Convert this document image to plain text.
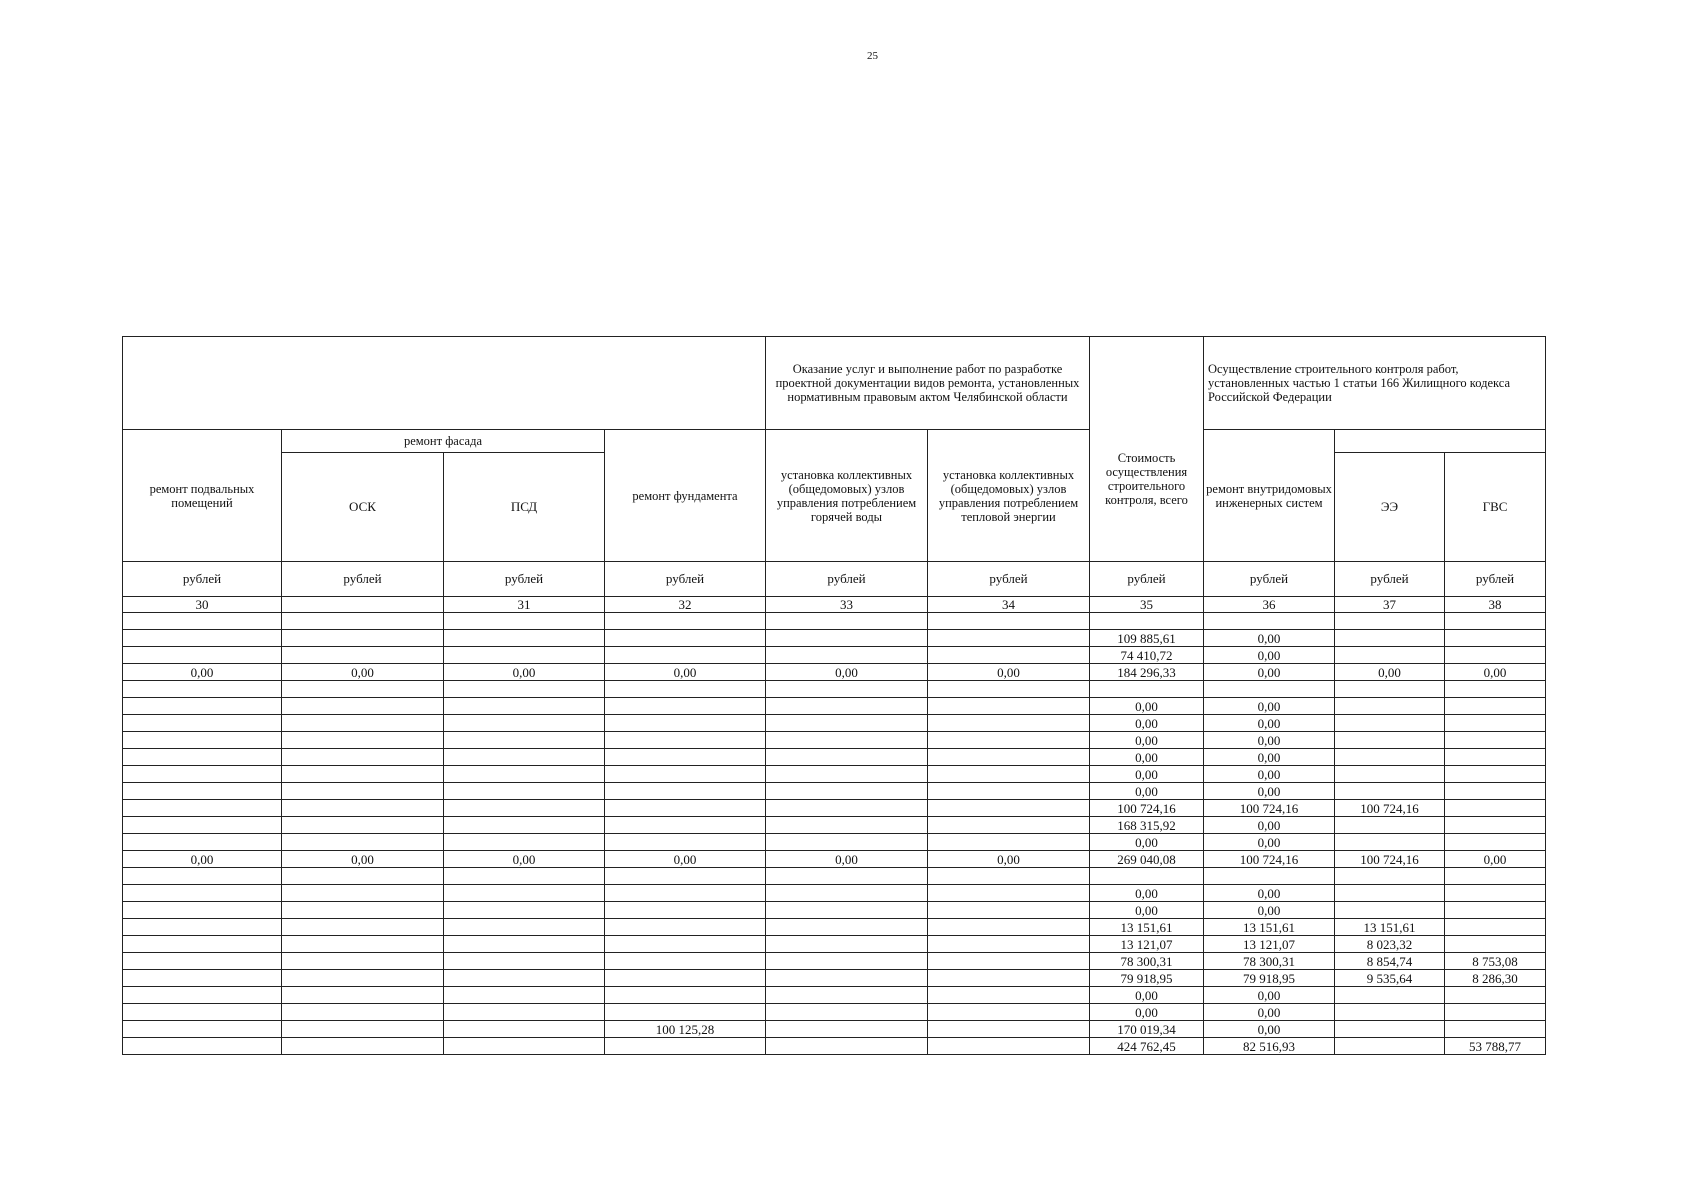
25
				Оказание услуг и выполнение работ по разработке проектной документации видов ремонта, установленных нормативным правовым актом Челябинской области		Стоимость осуществления строительного контроля, всего	Осуществление строительного контроля работ, установленных частью 1 статьи 166 Жилищного кодекса Российской Федерации		
ремонт подвальных помещений	ремонт фасада		ремонт фундамента	установка коллективных (общедомовых) узлов управления потреблением горячей воды	установка коллективных (общедомовых) узлов управления потреблением тепловой энергии		ремонт внутридомовых инженерных систем		
	ОСК	ПСД						ЭЭ	ГВС
рублей	рублей	рублей	рублей	рублей	рублей	рублей	рублей	рублей	рублей
30		31	32	33	34	35	36	37	38

						109 885,61	0,00		
						74 410,72	0,00		
0,00	0,00	0,00	0,00	0,00	0,00	184 296,33	0,00	0,00	0,00

						0,00	0,00		
						0,00	0,00		
						0,00	0,00		
						0,00	0,00		
						0,00	0,00		
						0,00	0,00		
						100 724,16	100 724,16	100 724,16	
						168 315,92	0,00		
						0,00	0,00		
0,00	0,00	0,00	0,00	0,00	0,00	269 040,08	100 724,16	100 724,16	0,00

						0,00	0,00		
						0,00	0,00		
						13 151,61	13 151,61	13 151,61	
						13 121,07	13 121,07	8 023,32	
						78 300,31	78 300,31	8 854,74	8 753,08
						79 918,95	79 918,95	9 535,64	8 286,30
						0,00	0,00		
						0,00	0,00		
			100 125,28			170 019,34	0,00		
						424 762,45	82 516,93		53 788,77
